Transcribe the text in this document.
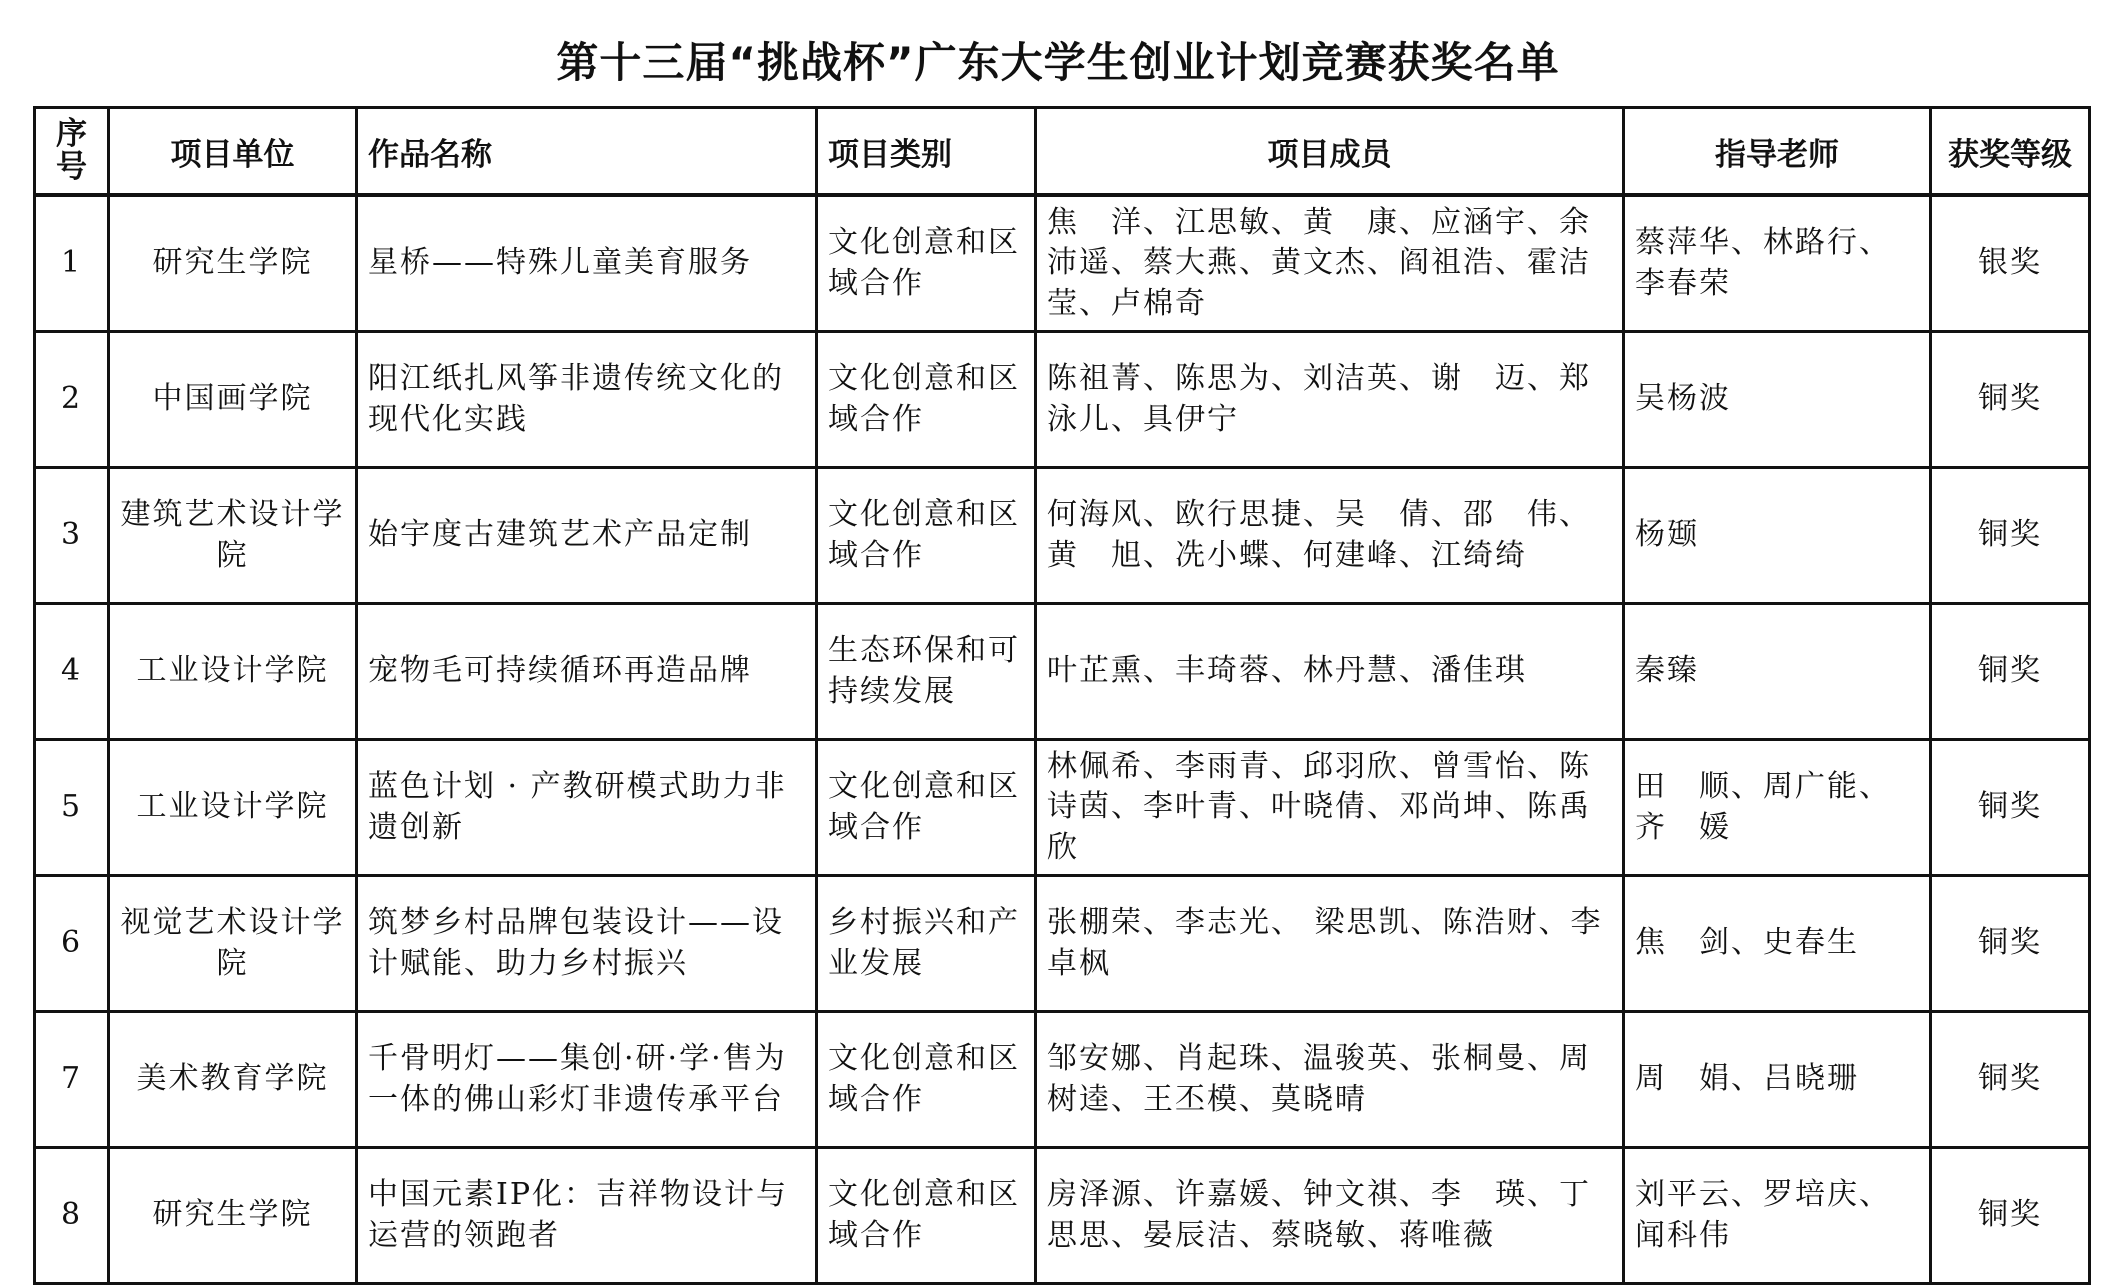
第十三届“挑战杯”广东大学生创业计划竞赛获奖名单
序号	项目单位	作品名称	项目类别	项目成员	指导老师	获奖等级
1	研究生学院	星桥——特殊儿童美育服务	文化创意和区域合作	焦　洋、江思敏、黄　康、应涵宇、余沛遥、蔡大燕、黄文杰、阎祖浩、霍洁莹、卢棉奇	蔡萍华、林路行、李春荣	银奖
2	中国画学院	阳江纸扎风筝非遗传统文化的现代化实践	文化创意和区域合作	陈祖菁、陈思为、刘洁英、谢　迈、郑泳儿、具伊宁	吴杨波	铜奖
3	建筑艺术设计学院	始宇度古建筑艺术产品定制	文化创意和区域合作	何海风、欧行思捷、吴　倩、邵　伟、黄　旭、冼小蝶、何建峰、江绮绮	杨颋	铜奖
4	工业设计学院	宠物毛可持续循环再造品牌	生态环保和可持续发展	叶芷熏、丰琦蓉、林丹慧、潘佳琪	秦臻	铜奖
5	工业设计学院	蓝色计划 · 产教研模式助力非遗创新	文化创意和区域合作	林佩希、李雨青、邱羽欣、曾雪怡、陈诗茵、李叶青、叶晓倩、邓尚坤、陈禹欣	田　顺、周广能、齐　媛	铜奖
6	视觉艺术设计学院	筑梦乡村品牌包装设计——设计赋能、助力乡村振兴	乡村振兴和产业发展	张棚荣、李志光、 梁思凯、陈浩财、李卓枫	焦　剑、史春生	铜奖
7	美术教育学院	千骨明灯——集创·研·学·售为一体的佛山彩灯非遗传承平台	文化创意和区域合作	邹安娜、肖起珠、温骏英、张桐曼、周树逵、王丕模、莫晓晴	周　娟、吕晓珊	铜奖
8	研究生学院	中国元素IP化：吉祥物设计与运营的领跑者	文化创意和区域合作	房泽源、许嘉媛、钟文祺、李　瑛、丁思思、晏辰洁、蔡晓敏、蒋唯薇	刘平云、罗培庆、闻科伟	铜奖
